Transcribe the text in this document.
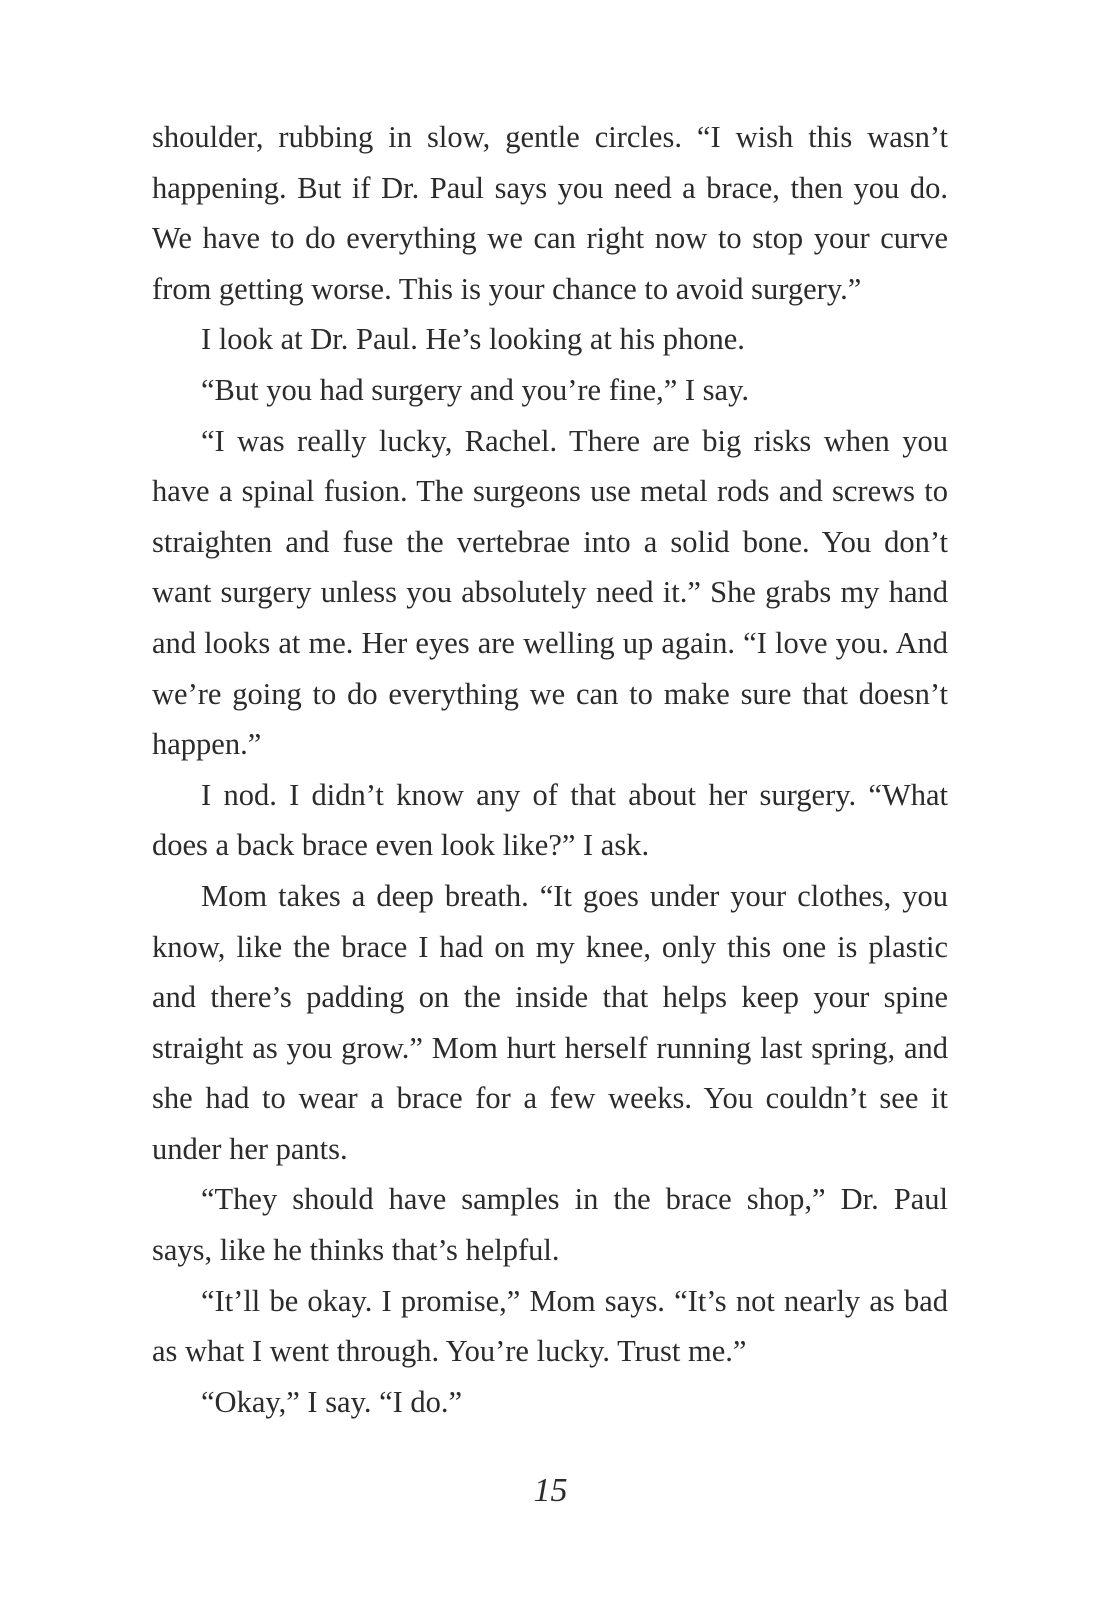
shoulder, rubbing in slow, gentle circles. “I wish this wasn’t happening. But if Dr. Paul says you need a brace, then you do. We have to do everything we can right now to stop your curve from getting worse. This is your chance to avoid surgery.”

I look at Dr. Paul. He’s looking at his phone.

“But you had surgery and you’re fine,” I say.

“I was really lucky, Rachel. There are big risks when you have a spinal fusion. The surgeons use metal rods and screws to straighten and fuse the vertebrae into a solid bone. You don’t want surgery unless you absolutely need it.” She grabs my hand and looks at me. Her eyes are welling up again. “I love you. And we’re going to do everything we can to make sure that doesn’t happen.”

I nod. I didn’t know any of that about her surgery. “What does a back brace even look like?” I ask.

Mom takes a deep breath. “It goes under your clothes, you know, like the brace I had on my knee, only this one is plastic and there’s padding on the inside that helps keep your spine straight as you grow.” Mom hurt herself running last spring, and she had to wear a brace for a few weeks. You couldn’t see it under her pants.

“They should have samples in the brace shop,” Dr. Paul says, like he thinks that’s helpful.

“It’ll be okay. I promise,” Mom says. “It’s not nearly as bad as what I went through. You’re lucky. Trust me.”

“Okay,” I say. “I do.”

15
